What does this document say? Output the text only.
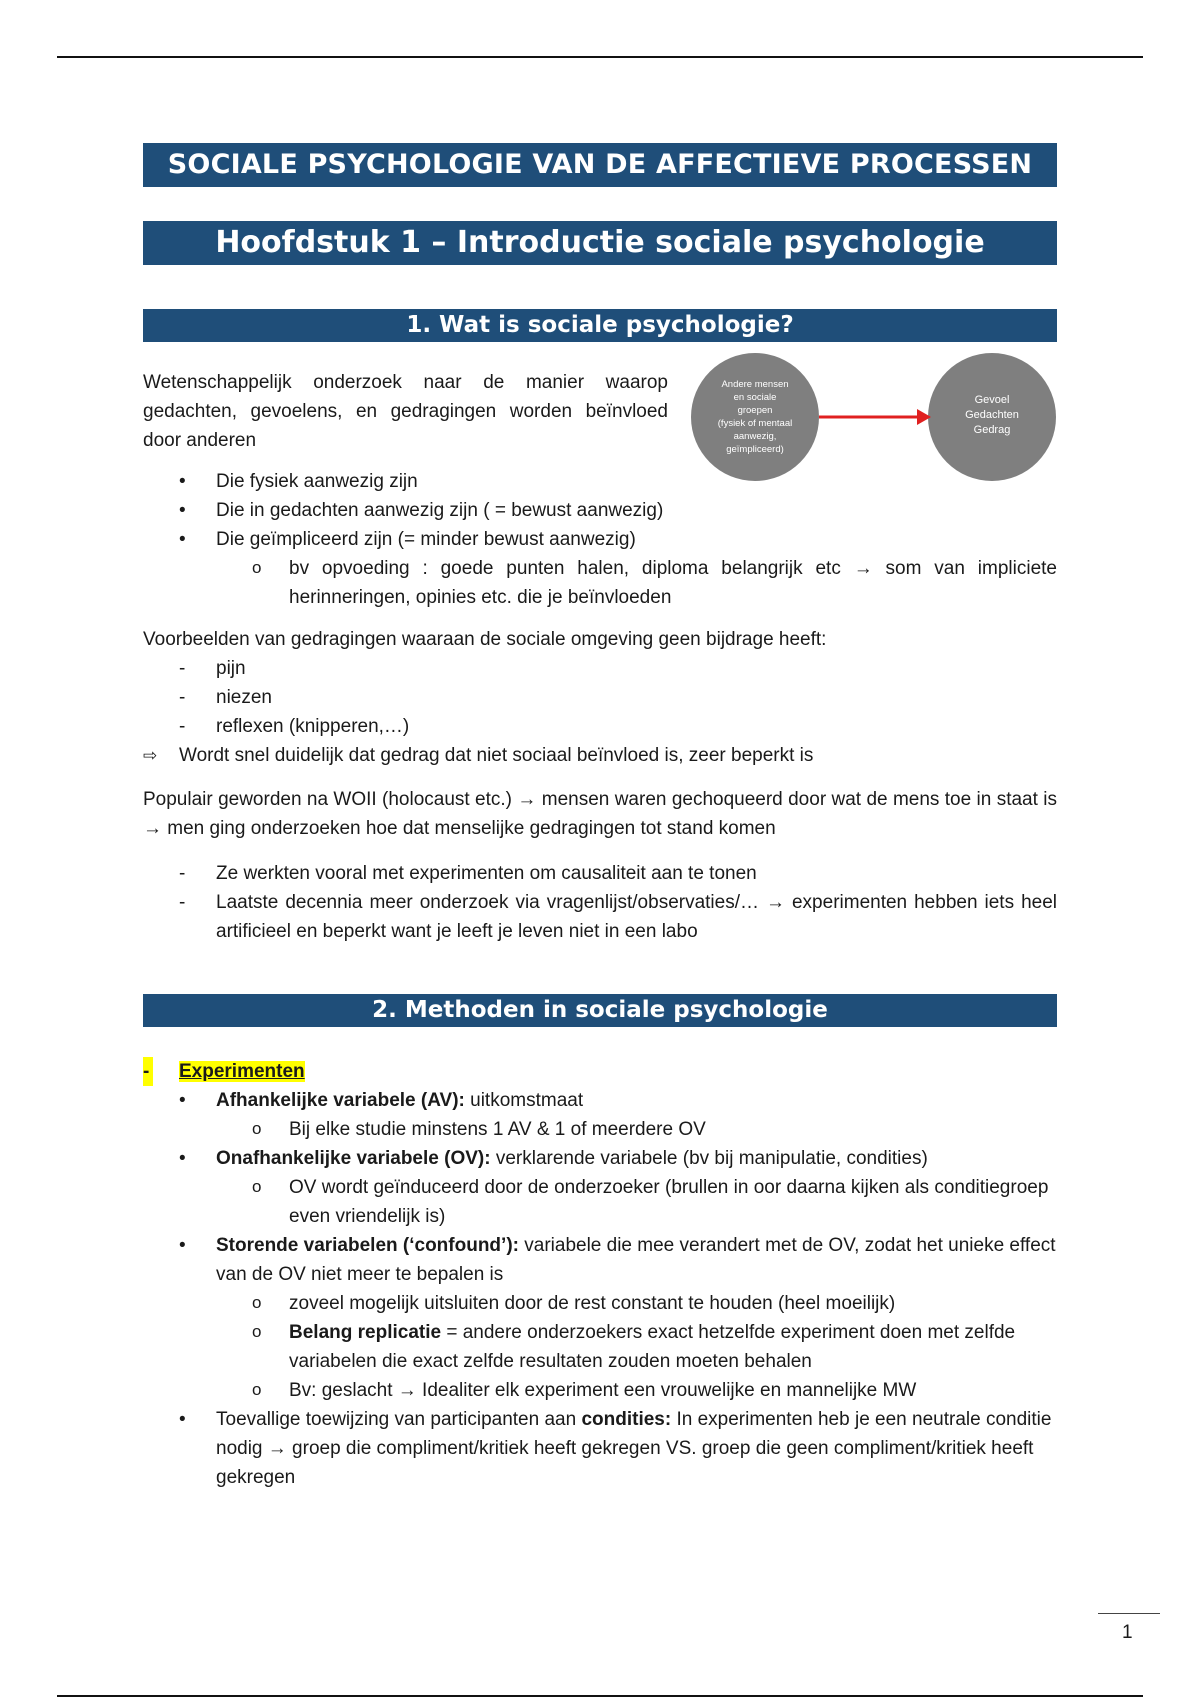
SOCIALE PSYCHOLOGIE VAN DE AFFECTIEVE PROCESSEN
Hoofdstuk 1 – Introductie sociale psychologie
1. Wat is sociale psychologie?

Wetenschappelijk onderzoek naar de manier waarop gedachten, gevoelens, en gedragingen worden beïnvloed door anderen

Andere mensen
en sociale
groepen
(fysiek of mentaal
aanwezig,
geïmpliceerd)
Gevoel
Gedachten
Gedrag
• Die fysiek aanwezig zijn
• Die in gedachten aanwezig zijn ( = bewust aanwezig)
• Die geïmpliceerd zijn (= minder bewust aanwezig)
o bv opvoeding : goede punten halen, diploma belangrijk etc → som van impliciete herinneringen, opinies etc. die je beïnvloeden

Voorbeelden van gedragingen waaraan de sociale omgeving geen bijdrage heeft:

- pijn
- niezen
- reflexen (knipperen,…)
⇨ Wordt snel duidelijk dat gedrag dat niet sociaal beïnvloed is, zeer beperkt is

Populair geworden na WOII (holocaust etc.) → mensen waren gechoqueerd door wat de mens toe in staat is → men ging onderzoeken hoe dat menselijke gedragingen tot stand komen

- Ze werkten vooral met experimenten om causaliteit aan te tonen
- Laatste decennia meer onderzoek via vragenlijst/observaties/… → experimenten hebben iets heel artificieel en beperkt want je leeft je leven niet in een labo
2. Methoden in sociale psychologie
- Experimenten
• Afhankelijke variabele (AV): uitkomstmaat
o Bij elke studie minstens 1 AV & 1 of meerdere OV
• Onafhankelijke variabele (OV): verklarende variabele (bv bij manipulatie, condities)
o OV wordt geïnduceerd door de onderzoeker (brullen in oor daarna kijken als conditiegroep even vriendelijk is)
• Storende variabelen (‘confound’): variabele die mee verandert met de OV, zodat het unieke effect van de OV niet meer te bepalen is
o zoveel mogelijk uitsluiten door de rest constant te houden (heel moeilijk)
o Belang replicatie = andere onderzoekers exact hetzelfde experiment doen met zelfde variabelen die exact zelfde resultaten zouden moeten behalen
o Bv: geslacht → Idealiter elk experiment een vrouwelijke en mannelijke MW
• Toevallige toewijzing van participanten aan condities: In experimenten heb je een neutrale conditie nodig → groep die compliment/kritiek heeft gekregen VS. groep die geen compliment/kritiek heeft gekregen
1
